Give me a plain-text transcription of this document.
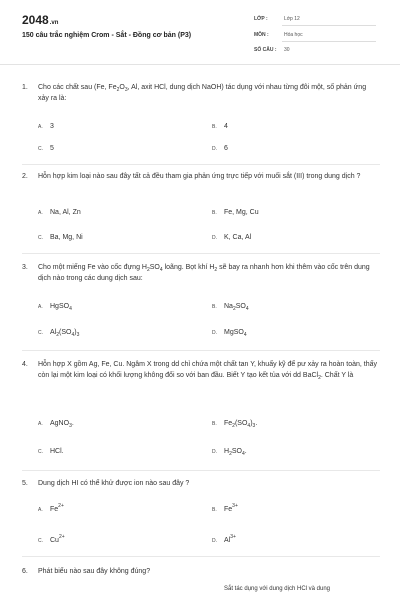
2048.vn
150 câu trắc nghiệm Crom - Sắt - Đồng cơ bản (P3)
LỚP :	Lớp 12
MÔN :	Hóa học
SỐ CÂU : 30
1. Cho các chất sau (Fe, $Fe_2O_3$, Al, axit HCl, dung dịch NaOH) tác dụng với nhau từng đôi một, số phản ứng xảy ra là:
A. 3	B. 4
C. 5	D. 6
2. Hỗn hợp kim loại nào sau đây tất cả đều tham gia phản ứng trực tiếp với muối sắt (III) trong dung dịch ?
A. Na, Al, Zn	B. Fe, Mg, Cu
C. Ba, Mg, Ni	D. K, Ca, Al
3. Cho một miếng Fe vào cốc đựng $H_2SO_4$ loãng. Bọt khí $H_2$ sẽ bay ra nhanh hơn khi thêm vào cốc trên dung dịch nào trong các dung dịch sau:
A. HgSO$_4$	B. $Na_2SO_4$
C. $Al_2(SO_4)_3$	D. MgSO$_4$
4. Hỗn hợp X gồm Ag, Fe, Cu. Ngâm X trong dd chỉ chứa một chất tan Y, khuấy kỹ để pư xảy ra hoàn toàn, thấy còn lại một kim loại có khối lượng không đổi so với ban đầu. Biết Y tạo kết tủa với dd BaCl$_2$. Chất Y là
A. AgNO$_3$.	B. $Fe_2(SO_4)_3$.
C. HCl.	D. $H_2SO_4$.
5. Dung dịch HI có thể khử được ion nào sau đây ?
A. $Fe^{2+}$
B. $Fe^{3+}$
C. $Cu^{2+}$
D. $Al^{3+}$
6. Phát biểu nào sau đây không đúng?
Sắt tác dụng với dung dịch HCl và dung
